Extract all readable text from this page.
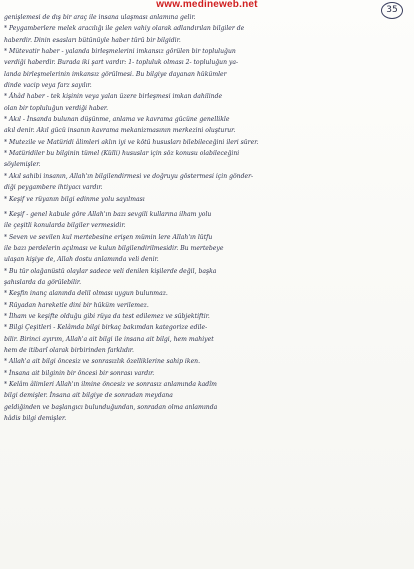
www.medineweb.net	35
genişlemesi de dış bir araç ile insana ulaşması anlamına gelir.
* Peygamberlere melek aracılığı ile gelen vahiy olarak adlandırılan bilgiler de
haberdir. Dinin esasları bütünüyle haber türü bir bilgidir.
* Mütevatir haber - yalanda birleşmelerini imkansız görülen bir topluluğun
verdiği haberdir. Burada iki şart vardır: 1- topluluk olması 2- topluluğun ya-
landa birleşmelerinin imkansız görülmesi. Bu bilgiye dayanan hükümler
dinde vacip veya farz sayılır.
* Âhâd haber - tek kişinin veya yalan üzere birleşmesi imkan dahilinde
olan bir topluluğun verdiği haber.
* Akıl - İnsanda bulunan düşünme, anlama ve kavrama gücüne genellikle
akıl denir. Akıl gücü insanın kavrama mekanizmasının merkezini oluşturur.
* Mutezile ve Matüridi âlimleri aklın iyi ve kötü hususları bilebileceğini ileri sürer.
* Matüridiler bu bilginin tümel (Külli) hususlar için söz konusu olabileceğini
söylemişler.
* Akıl sahibi insanın, Allah'ın bilgilendirmesi ve doğruyu göstermesi için gönder-
diği peygambere ihtiyacı vardır.
* Keşif ve rüyanın bilgi edinme yolu sayılması
* Keşif - genel kabule göre Allah'ın bazı sevgili kullarına ilham yolu
ile çeşitli konularda bilgiler vermesidir.
* Seven ve sevilen kul mertebesine erişen mümin lere Allah'ın lütfu
ile bazı perdelerin açılması ve kulun bilgilendirilmesidir. Bu mertebeye
ulaşan kişiye de, Allah dostu anlamında veli denir.
* Bu tür olağanüstü olaylar sadece veli denilen kişilerde değil, başka
şahıslarda da görülebilir.
* Keşfin inanç alanında delil olması uygun bulunmaz.
* Rüyadan hareketle dini bir hüküm verilemez.
* İlham ve keşifte olduğu gibi rüya da test edilemez ve sübjektiftir.
* Bilgi Çeşitleri - Kelâmda bilgi birkaç bakımdan kategorize edile-
bilir. Birinci ayırım, Allah'a ait bilgi ile insana ait bilgi, hem mahiyet
hem de itibarî olarak birbirinden farklıdır.
* Allah'a ait bilgi öncesiz ve sonrasızlık özelliklerine sahip iken.
* İnsana ait bilginin bir öncesi bir sonrası vardır.
* Kelâm âlimleri Allah'ın ilmine öncesiz ve sonrasız anlamında kadîm
bilgi demişler. İnsana ait bilgiye de sonradan meydana
geldiğinden ve başlangıcı bulunduğundan, sonradan olma anlamında
hâdis bilgi demişler.
